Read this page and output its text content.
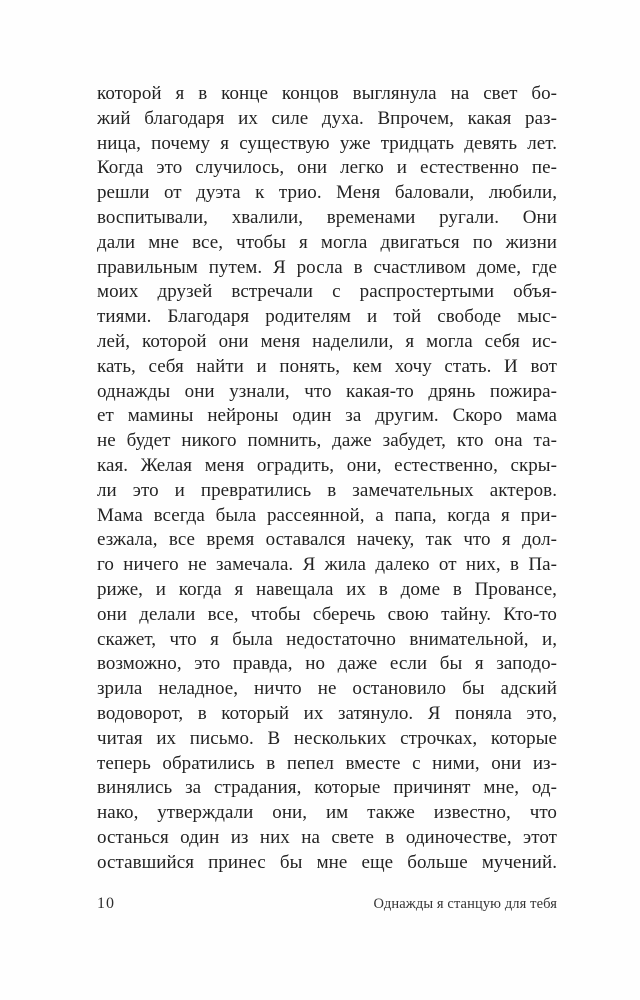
которой я в конце концов выглянула на свет бо-
жий благодаря их силе духа. Впрочем, какая раз-
ница, почему я существую уже тридцать девять лет.
Когда это случилось, они легко и естественно пе-
решли от дуэта к трио. Меня баловали, любили,
воспитывали, хвалили, временами ругали. Они
дали мне все, чтобы я могла двигаться по жизни
правильным путем. Я росла в счастливом доме, где
моих друзей встречали с распростертыми объя-
тиями. Благодаря родителям и той свободе мыс-
лей, которой они меня наделили, я могла себя ис-
кать, себя найти и понять, кем хочу стать. И вот
однажды они узнали, что какая-то дрянь пожира-
ет мамины нейроны один за другим. Скоро мама
не будет никого помнить, даже забудет, кто она та-
кая. Желая меня оградить, они, естественно, скры-
ли это и превратились в замечательных актеров.
Мама всегда была рассеянной, а папа, когда я при-
езжала, все время оставался начеку, так что я дол-
го ничего не замечала. Я жила далеко от них, в Па-
риже, и когда я навещала их в доме в Провансе,
они делали все, чтобы сберечь свою тайну. Кто-то
скажет, что я была недостаточно внимательной, и,
возможно, это правда, но даже если бы я заподо-
зрила неладное, ничто не остановило бы адский
водоворот, в который их затянуло. Я поняла это,
читая их письмо. В нескольких строчках, которые
теперь обратились в пепел вместе с ними, они из-
винялись за страдания, которые причинят мне, од-
нако, утверждали они, им также известно, что
останься один из них на свете в одиночестве, этот
оставшийся принес бы мне еще больше мучений.
10	Однажды я станцую для тебя
